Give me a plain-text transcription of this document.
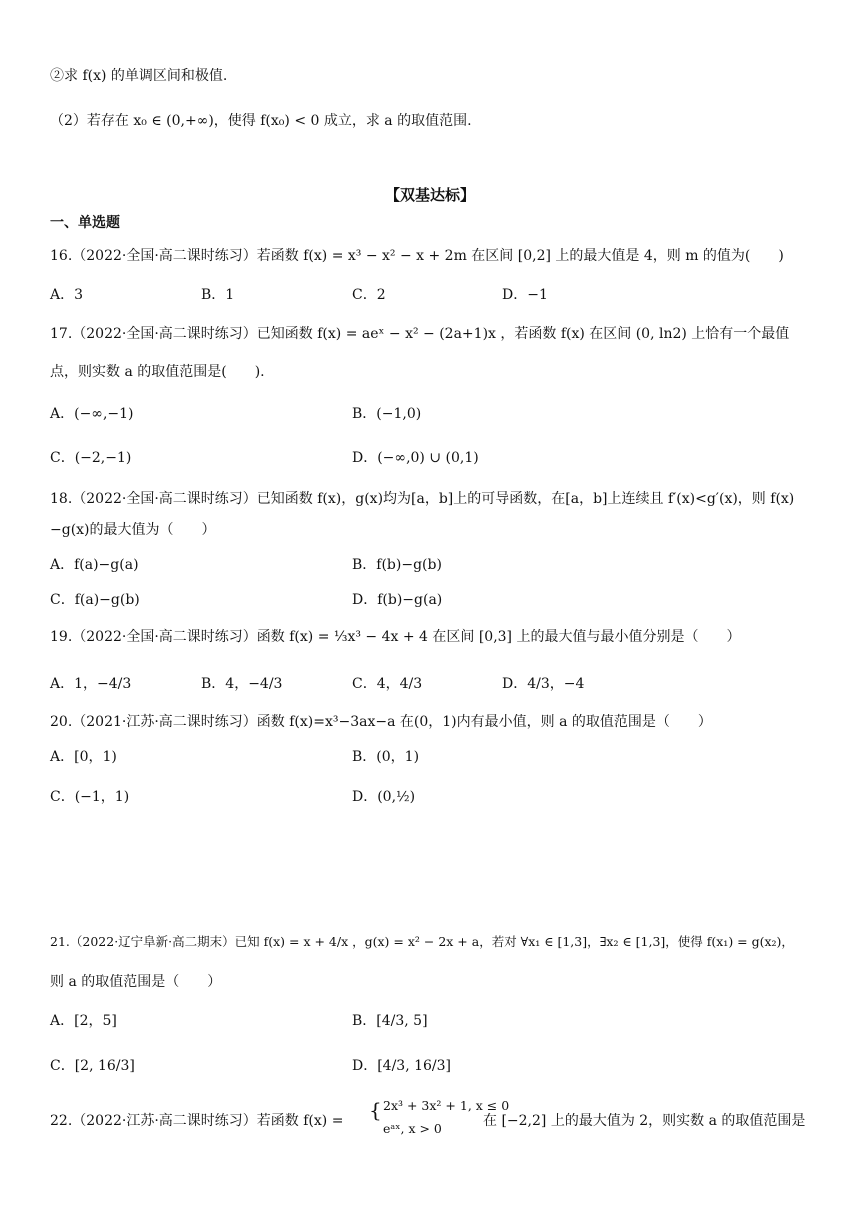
②求 f(x) 的单调区间和极值.
（2）若存在 x₀ ∈ (0,+∞)，使得 f(x₀) < 0 成立，求 a 的取值范围.
【双基达标】
一、单选题
16.（2022·全国·高二课时练习）若函数 f(x) = x³ − x² − x + 2m 在区间 [0,2] 上的最大值是 4，则 m 的值为(　　)
A．3	B．1	C．2	D．−1
17.（2022·全国·高二课时练习）已知函数 f(x) = aeˣ − x² − (2a+1)x ，若函数 f(x) 在区间 (0, ln2) 上恰有一个最值
点，则实数 a 的取值范围是(　　).
A．(−∞,−1)	B．(−1,0)
C．(−2,−1)	D．(−∞,0) ∪ (0,1)
18.（2022·全国·高二课时练习）已知函数 f(x)，g(x)均为[a，b]上的可导函数，在[a，b]上连续且 f′(x)<g′(x)，则 f(x)
−g(x)的最大值为（　　）
A．f(a)−g(a)	B．f(b)−g(b)
C．f(a)−g(b)	D．f(b)−g(a)
19.（2022·全国·高二课时练习）函数 f(x) = ⅓x³ − 4x + 4 在区间 [0,3] 上的最大值与最小值分别是（　　）
A．1，−4/3	B．4，−4/3	C．4，4/3	D．4/3，−4
20.（2021·江苏·高二课时练习）函数 f(x)=x³−3ax−a 在(0，1)内有最小值，则 a 的取值范围是（　　）
A．[0，1)	B．(0，1)
C．(−1，1)	D．(0,½)
21.（2022·辽宁阜新·高二期末）已知 f(x) = x + 4/x ，g(x) = x² − 2x + a，若对 ∀x₁ ∈ [1,3]，∃x₂ ∈ [1,3]，使得 f(x₁) = g(x₂)，
则 a 的取值范围是（　　）
A．[2，5]	B．[4/3, 5]
C．[2, 16/3]	D．[4/3, 16/3]
22.（2022·江苏·高二课时练习）若函数 f(x) = { 2x³ + 3x² + 1, x ≤ 0
eᵃˣ, x > 0	在 [−2,2] 上的最大值为 2，则实数 a 的取值范围是
